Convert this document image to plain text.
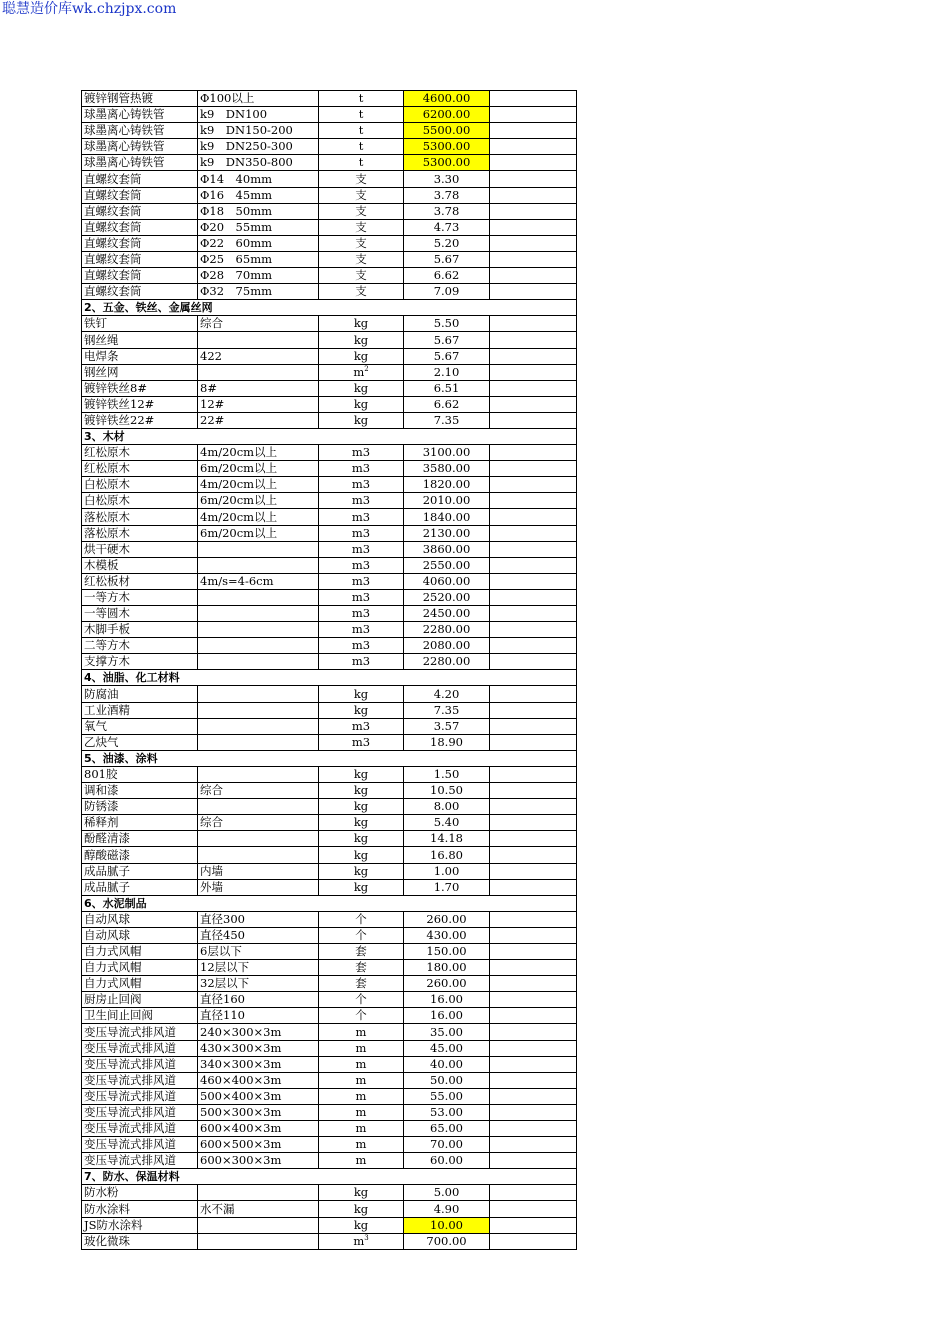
聪慧造价库wk.chzjpx.com
镀锌钢管热镀	Φ100以上	t	4600.00	
球墨离心铸铁管	k9　DN100	t	6200.00	
球墨离心铸铁管	k9　DN150-200	t	5500.00	
球墨离心铸铁管	k9　DN250-300	t	5300.00	
球墨离心铸铁管	k9　DN350-800	t	5300.00	
直螺纹套筒	Φ14　40mm	支	3.30	
直螺纹套筒	Φ16　45mm	支	3.78	
直螺纹套筒	Φ18　50mm	支	3.78	
直螺纹套筒	Φ20　55mm	支	4.73	
直螺纹套筒	Φ22　60mm	支	5.20	
直螺纹套筒	Φ25　65mm	支	5.67	
直螺纹套筒	Φ28　70mm	支	6.62	
直螺纹套筒	Φ32　75mm	支	7.09	
2、五金、铁丝、金属丝网				
铁钉	综合	kg	5.50	
钢丝绳		kg	5.67	
电焊条	422	kg	5.67	
钢丝网		$m^2$	2.10	
镀锌铁丝8#	8#	kg	6.51	
镀锌铁丝12#	12#	kg	6.62	
镀锌铁丝22#	22#	kg	7.35	
3、木材				
红松原木	4m/20cm以上	m3	3100.00	
红松原木	6m/20cm以上	m3	3580.00	
白松原木	4m/20cm以上	m3	1820.00	
白松原木	6m/20cm以上	m3	2010.00	
落松原木	4m/20cm以上	m3	1840.00	
落松原木	6m/20cm以上	m3	2130.00	
烘干硬木		m3	3860.00	
木模板		m3	2550.00	
红松板材	4m/s=4-6cm	m3	4060.00	
一等方木		m3	2520.00	
一等圆木		m3	2450.00	
木脚手板		m3	2280.00	
二等方木		m3	2080.00	
支撑方木		m3	2280.00	
4、油脂、化工材料				
防腐油		kg	4.20	
工业酒精		kg	7.35	
氧气		m3	3.57	
乙炔气		m3	18.90	
5、油漆、涂料				
801胶		kg	1.50	
调和漆	综合	kg	10.50	
防锈漆		kg	8.00	
稀释剂	综合	kg	5.40	
酚醛清漆		kg	14.18	
醇酸磁漆		kg	16.80	
成品腻子	内墙	kg	1.00	
成品腻子	外墙	kg	1.70	
6、水泥制品				
自动风球	直径300	个	260.00	
自动风球	直径450	个	430.00	
自力式风帽	6层以下	套	150.00	
自力式风帽	12层以下	套	180.00	
自力式风帽	32层以下	套	260.00	
厨房止回阀	直径160	个	16.00	
卫生间止回阀	直径110	个	16.00	
变压导流式排风道	240×300×3m	m	35.00	
变压导流式排风道	430×300×3m	m	45.00	
变压导流式排风道	340×300×3m	m	40.00	
变压导流式排风道	460×400×3m	m	50.00	
变压导流式排风道	500×400×3m	m	55.00	
变压导流式排风道	500×300×3m	m	53.00	
变压导流式排风道	600×400×3m	m	65.00	
变压导流式排风道	600×500×3m	m	70.00	
变压导流式排风道	600×300×3m	m	60.00	
7、防水、保温材料				
防水粉		kg	5.00	
防水涂料	水不漏	kg	4.90	
JS防水涂料		kg	10.00	
玻化微珠		$m^3$	700.00	
